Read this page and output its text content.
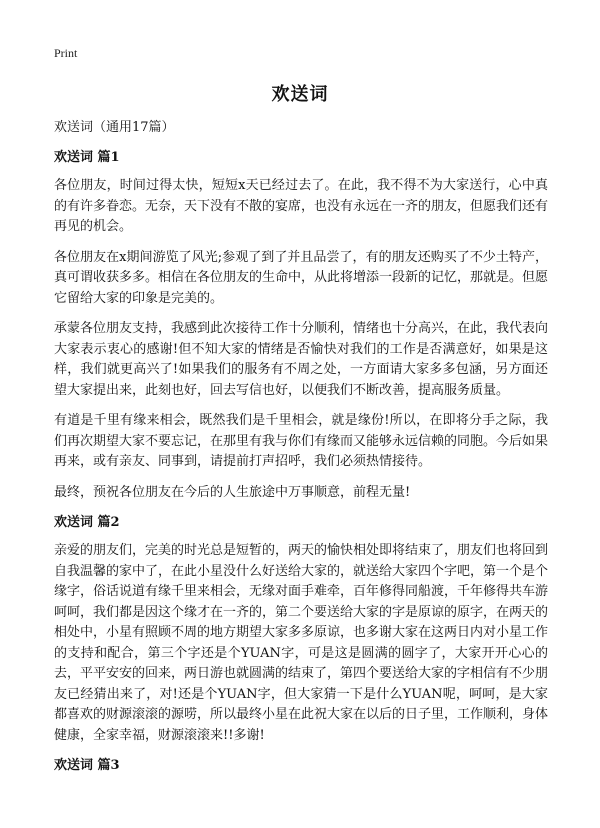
Print
欢送词
欢送词（通用17篇）
欢送词 篇1

各位朋友，时间过得太快，短短x天已经过去了。在此，我不得不为大家送行，心中真的有许多眷恋。无奈，天下没有不散的宴席，也没有永远在一齐的朋友，但愿我们还有再见的机会。

各位朋友在x期间游览了风光;参观了到了并且品尝了，有的朋友还购买了不少土特产，真可谓收获多多。相信在各位朋友的生命中，从此将增添一段新的记忆，那就是。但愿它留给大家的印象是完美的。

承蒙各位朋友支持，我感到此次接待工作十分顺利，情绪也十分高兴，在此，我代表向大家表示衷心的感谢!但不知大家的情绪是否愉快对我们的工作是否满意好，如果是这样，我们就更高兴了!如果我们的服务有不周之处，一方面请大家多多包涵，另方面还望大家提出来，此刻也好，回去写信也好，以便我们不断改善，提高服务质量。

有道是千里有缘来相会，既然我们是千里相会，就是缘份!所以，在即将分手之际，我们再次期望大家不要忘记，在那里有我与你们有缘而又能够永远信赖的同胞。今后如果再来，或有亲友、同事到，请提前打声招呼，我们必须热情接待。

最终，预祝各位朋友在今后的人生旅途中万事顺意，前程无量!

欢送词 篇2

亲爱的朋友们，完美的时光总是短暂的，两天的愉快相处即将结束了，朋友们也将回到自我温馨的家中了，在此小星没什么好送给大家的，就送给大家四个字吧，第一个是个缘字，俗话说道有缘千里来相会，无缘对面手难牵，百年修得同船渡，千年修得共车游呵呵，我们都是因这个缘才在一齐的，第二个要送给大家的字是原谅的原字，在两天的相处中，小星有照顾不周的地方期望大家多多原谅，也多谢大家在这两日内对小星工作的支持和配合，第三个字还是个YUAN字，可是这是圆满的圆字了，大家开开心心的去，平平安安的回来，两日游也就圆满的结束了，第四个要送给大家的字相信有不少朋友已经猜出来了，对!还是个YUAN字，但大家猜一下是什么YUAN呢，呵呵，是大家都喜欢的财源滚滚的源唠，所以最终小星在此祝大家在以后的日子里，工作顺利，身体健康，全家幸福，财源滚滚来!!多谢!

欢送词 篇3
